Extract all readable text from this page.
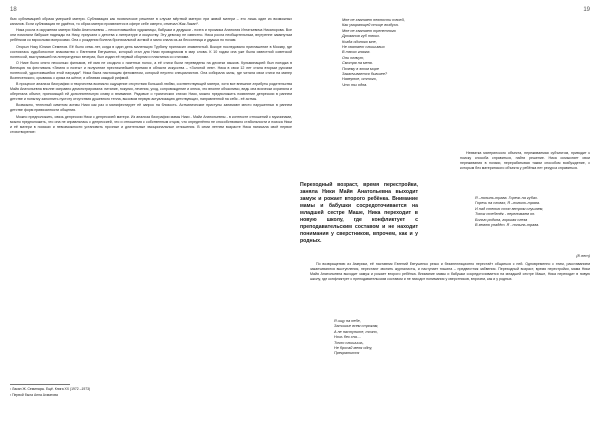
18

бью сублимацией образа умершей матери. Сублимация как психическое решение в случае мёртвой матери: при живой матери – это лишь один из возможных каналов. Если сублимация не удаётся, то образ матери проявляется в сфере себе смерти, отмечал Жак Лакан¹.

Ника росла в окружении матери Майи Анатольевны – несостоявшейся художницы, бабушки и дедушки - поэта и прозаика Анатолия Игнатьевича Никанорова. Все они помогали бабушке надежды на Нику, приучали с детства к литературе и искусству. Эту девочку не известно. Ника росла необщительным, внутренне замкнутым ребёнком со взрослыми вопросами. Она с рождения болела бронхиальной астмой и мало спала из-за бессонница и удушья по ночам.

Открыл Нику Юлиан Семенов. Её было семь лет, когда в один день маленькую Турбину пригласил знаменитый. Вскоре последовало приглашение в Москву, где состоялась судьбоносное знакомство с Евгением Евтушенко, который стал для Ники проводником в мир слова. К 10 годам она уже была известной советской поэтессой, выступавшей на литературных вечерах, был издан её первый сборник и пластинка со стихами.

О Нике было снято несколько фильмов, её имя не сходило с газетных полос, а её стихи были переведены на десятки языков. Кульминацией был поездка в Венецию на фестиваль «Земля и поэты» и получение престижнейшей премии в области искусства – «Золотой лев». Ника в свои 12 лет стала вторым русским поэтессой, удостоившейся этой награды². Ника была настоящим феноменом, который неустно специалистов. Она собирала залы, где читала свои стихи на манер Вознесенского, срываясь с крика на шёпот, и обливая каждый рифмой.

В процессе анализа биографии и творчества возникло ощущение отсутствия большой любви, соответствующей матери, хотя все внешние атрибуты родительства Майя Анатольевна вполне исправно демонстрировала: питание, покупки, лечения, уход, сопровождение и опека, что вполне объяснимо, ведь она всячески охраняла и оберегала объект, приносящий ей дополнительную славу и внимание. Рядовые о трагических стихах Ники, можно предположить появление депрессии в раннем детстве и попытку заполнить пустоту отсутствия душевного тепла, вызовом первую актуализацию детствующих, направленной на себя - её астмы.

Возможно, телесный симптом астмы Ники как раз и манифестирует её запрос на близость. Астматические приступы занимают место нарушенных в раннем детстве форм привязанности общения.

Можно предположить, связь депрессии Ники с депрессией матери. Из анализа биографии мамы Ники - Майи Анатольевны - в контексте отношений с мужчинами, можно предположить, что она не справлялась с депрессией, что и отношения с собственным отцом, что определённо не способствовало стабильности и поиска Ники и её матери в поисках и невозможности установить прочные и длительные эмоциональные отношения. В семи летнем возрасте Ника написала своё первое стихотворение:

¹ Лакан Ж. Семинары. Ещё. Книга XX (1972 –1973)
² Первой была Анна Ахматова
19
Мне не хватает нежности твоей,
Как умирающей птице воздуха.
Мне не хватает трепетного
Дрожания губ твоих.
Когда одиноко мне,
Не хватает слышимых
В твоих глазах.
Они плачут,
Смотря на меня.
Почему в этом мире
Заканчивается бывшее?
Наверное, оттого,
Что ты одна.
Переходный возраст, время перестройки, заняла Ники Майя Анатольевна выходит замуж и рожает второго ребёнка. Внимание мамы и бабушки сосредоточивается на младшей сестре Маше, Ника переходит в новую школу, где конфликтует с преподавательским составом и не находит понимания у сверстников, впрочем, как и у родных.

Нехватка материнского объекта, переживаемая субъектом, приводит к поиску способа справиться, найти решение. Ника осмысляет свои переживания в поэзии, перерабатывая таким способом возбуждение, с которым без материнского объекта у ребёнка нет ресурса справиться.

Я –полынь-трава. Горечь на губах.
Горечь на словах, Я –полынь-трава.
И над степью стон ветром слушаем,
Тонок стебелёк - переломаем он.
Болью родина, горькая слеза
В землю упадёт. Я - полынь-трава.
(8 лет)

По возвращению из Америки, её наставник Евгений Евтушенко резко и безапелляционно перестаёт общаться с ней. Одновременно с этим, расставанием заканчиваются выступления, перестают звонить журналисты, и наступает тишина – предвестник забвения. Переходный возраст, время перестройки, мама Ники Майя Анатольевна выходит замуж и рожает второго ребёнка. Внимание мамы и бабушки сосредоточивается на младшей сестре Маше, Ника переходит в новую школу, где конфликтует с преподавательским составом и не находит понимания у сверстников, впрочем, как и у родных.

Я ищу на небе,
Затишье всем строкам,
А не наступите, точно,
Ночь без сна....
Точно слышишь,
Не бросай меня одну,
Прекратится
